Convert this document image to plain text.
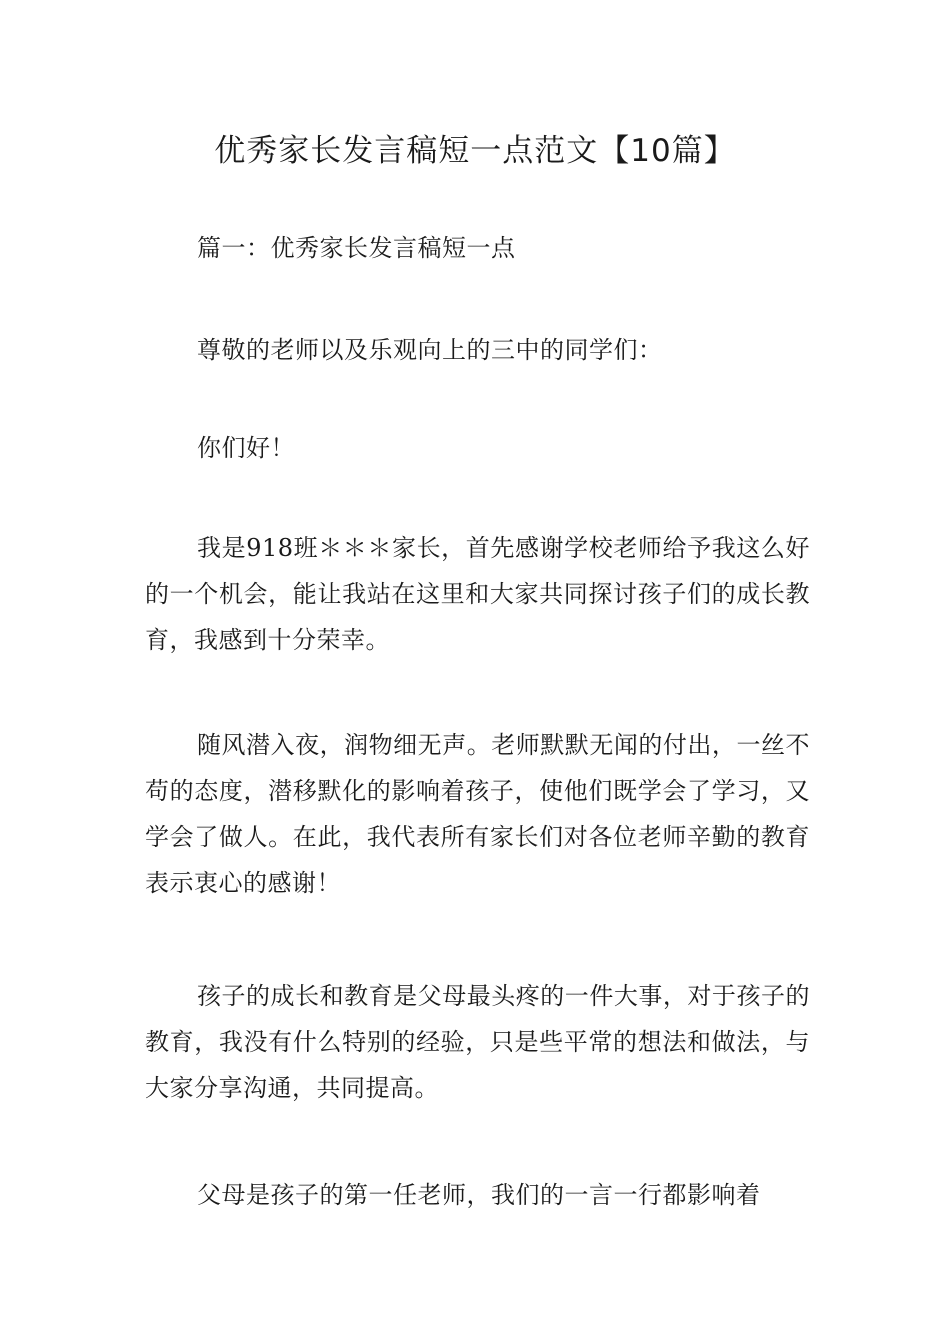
优秀家长发言稿短一点范文【10篇】

篇一：优秀家长发言稿短一点

尊敬的老师以及乐观向上的三中的同学们：

你们好！

我是918班＊＊＊家长，首先感谢学校老师给予我这么好的一个机会，能让我站在这里和大家共同探讨孩子们的成长教育，我感到十分荣幸。

随风潜入夜，润物细无声。老师默默无闻的付出，一丝不苟的态度，潜移默化的影响着孩子，使他们既学会了学习，又学会了做人。在此，我代表所有家长们对各位老师辛勤的教育表示衷心的感谢！

孩子的成长和教育是父母最头疼的一件大事，对于孩子的教育，我没有什么特别的经验，只是些平常的想法和做法，与大家分享沟通，共同提高。

父母是孩子的第一任老师，我们的一言一行都影响着
